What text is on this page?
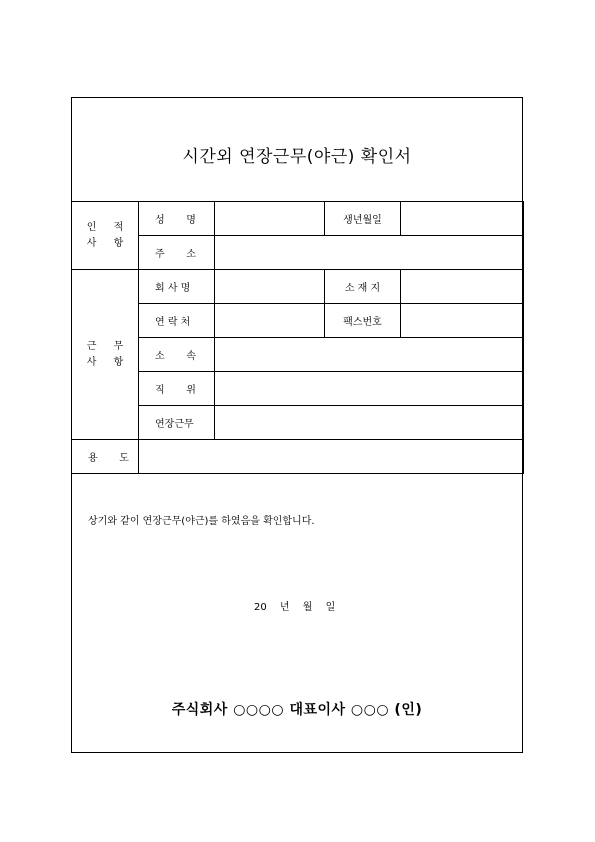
시간외 연장근무(야근) 확인서
인 적
사 항	성   명		생년월일	
	주   소			

근 무
사 항	회 사 명		소 재 지	
	연 락 처		팩스번호	
	소   속			
	직   위			
	연장근무			
용   도				
상기와 같이 연장근무(야근)를 하였음을 확인합니다.
20 년 월 일
주식회사 ○○○○ 대표이사 ○○○ (인)
